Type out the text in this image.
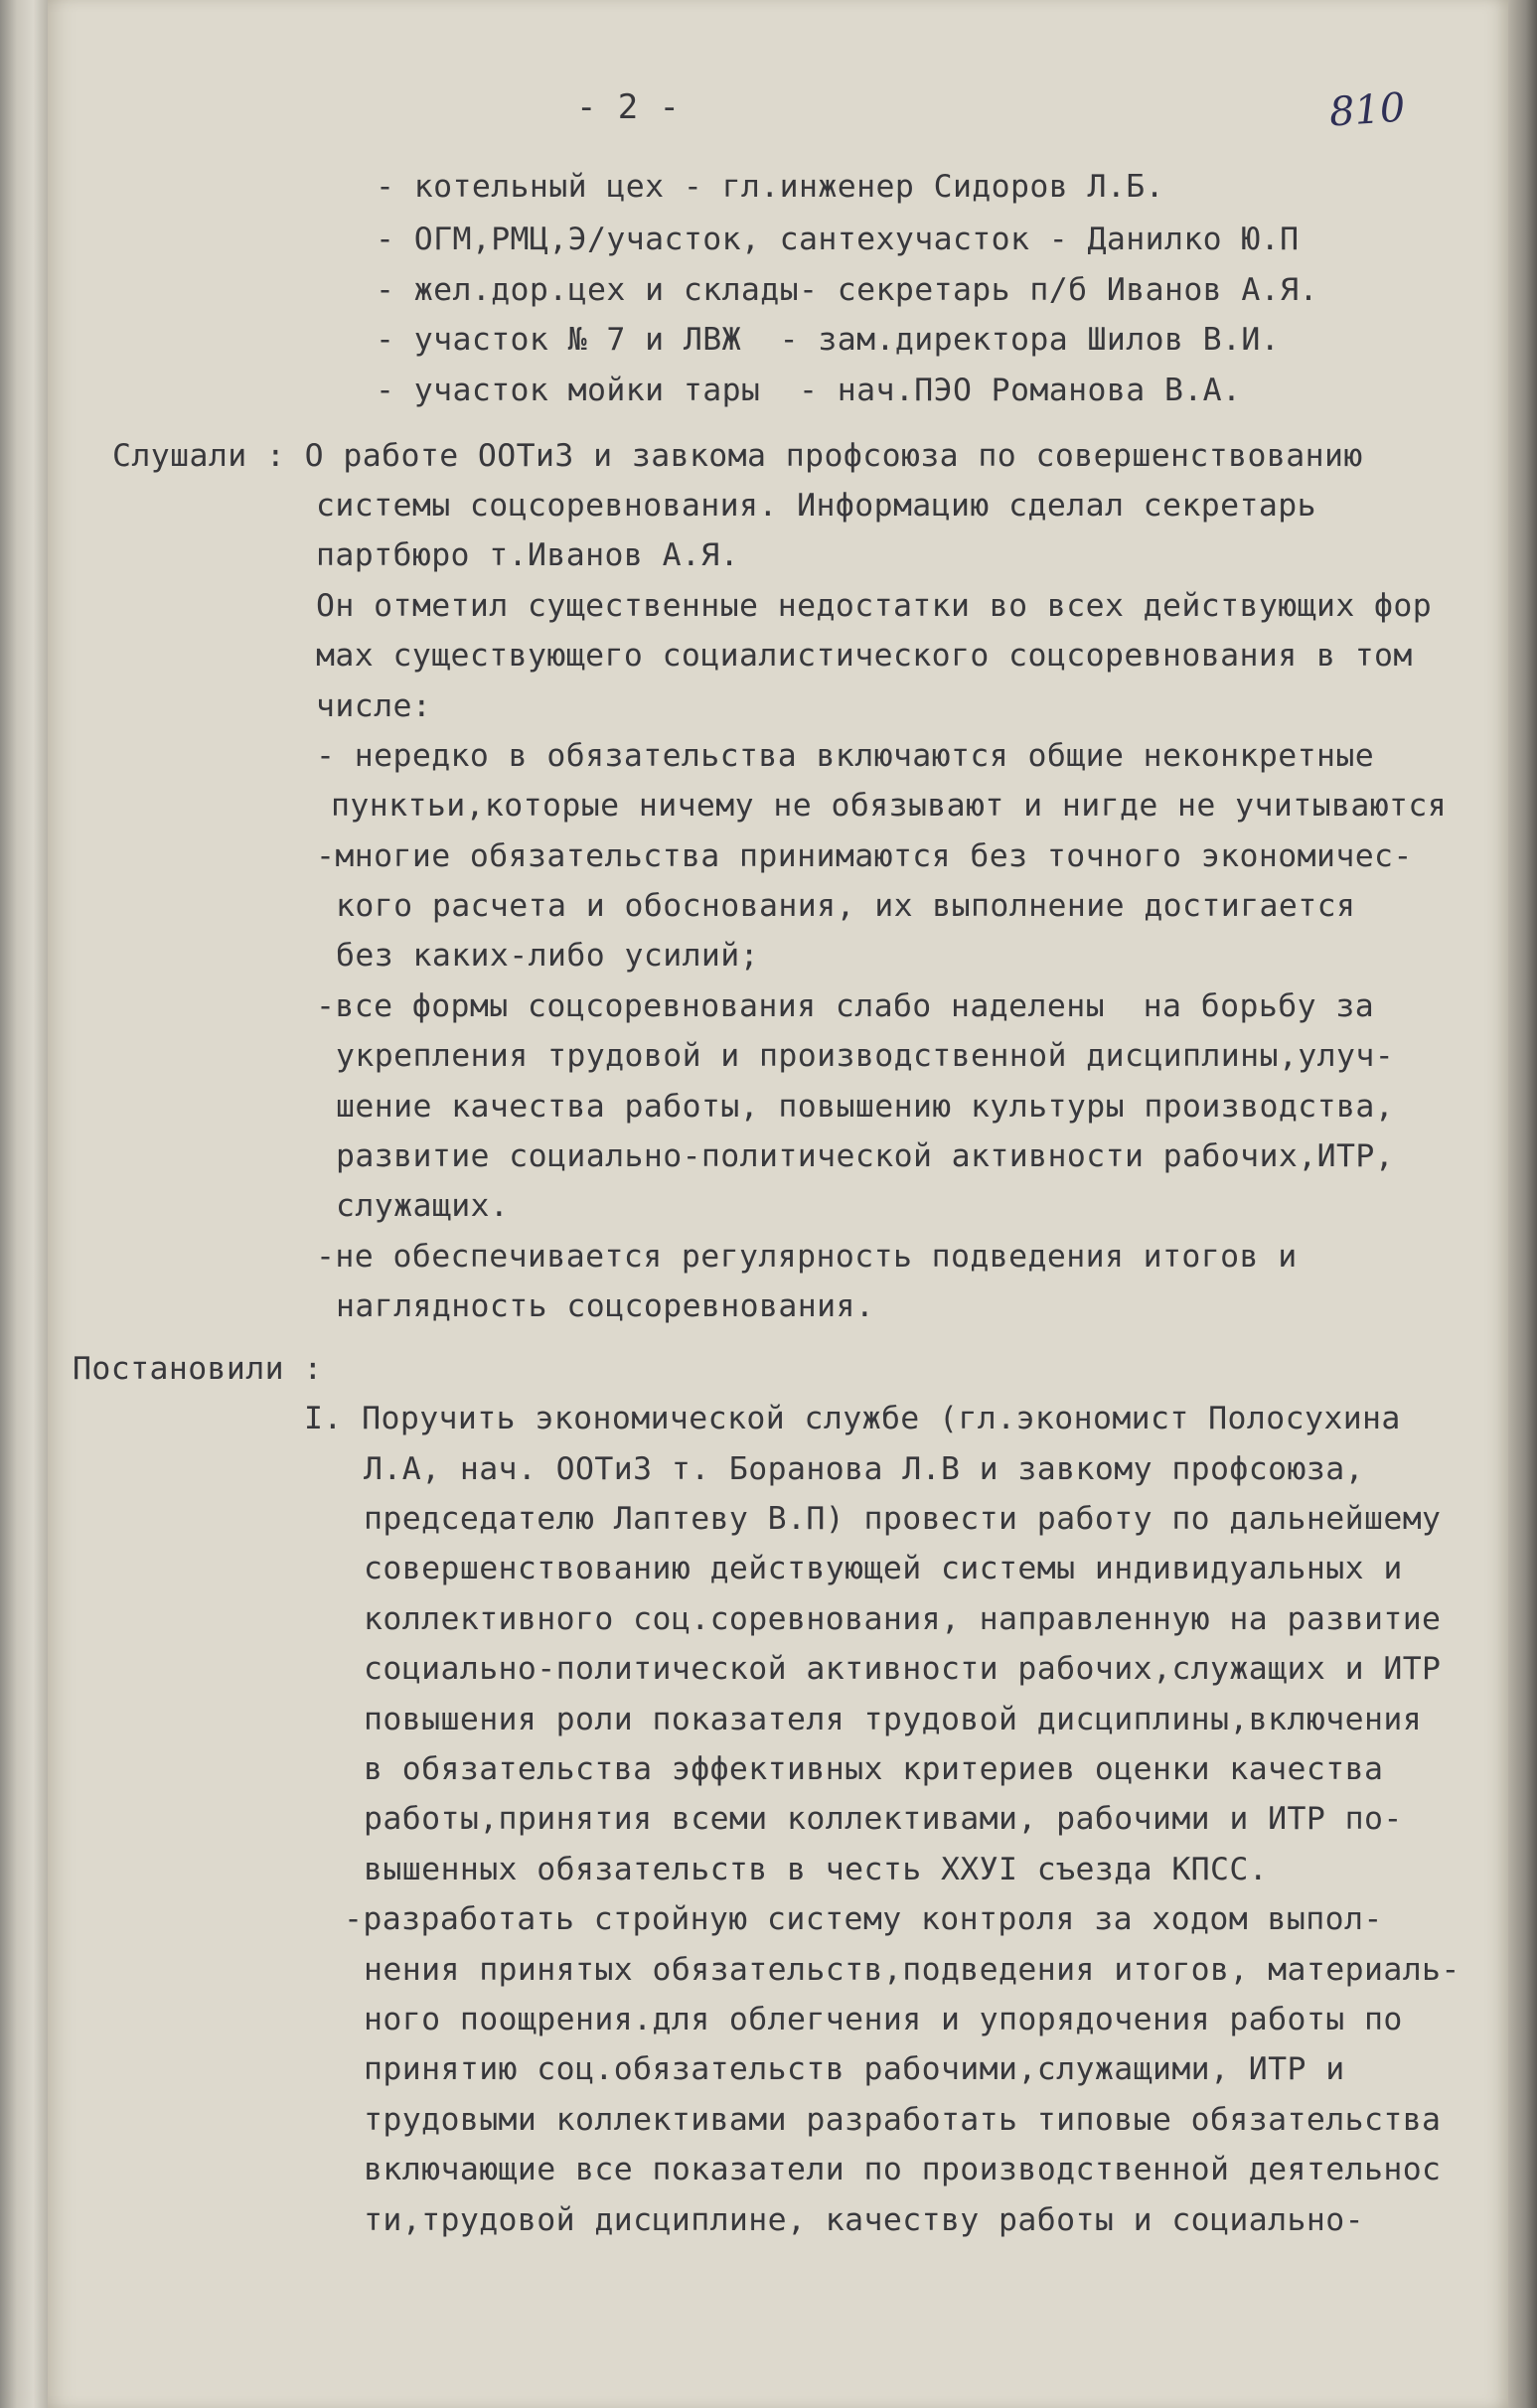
- 2 -	810
- котельный цех - гл.инженер Сидоров Л.Б.
- ОГМ,РМЦ,Э/участок, сантехучасток - Данилко Ю.П
- жел.дор.цех и склады- секретарь п/б Иванов А.Я.
- участок № 7 и ЛВЖ  - зам.директора Шилов В.И.
- участок мойки тары  - нач.ПЭО Романова В.А.
Слушали : О работе ООТиЗ и завкома профсоюза по совершенствованию
системы соцсоревнования. Информацию сделал секретарь
партбюро т.Иванов А.Я.
Он отметил существенные недостатки во всех действующих фор
мах существующего социалистического соцсоревнования в том
числе:
- нередко в обязательства включаются общие неконкретные
пунктьи,которые ничему не обязывают и нигде не учитываются
-многие обязательства принимаются без точного экономичес-
кого расчета и обоснования, их выполнение достигается
без каких-либо усилий;
-все формы соцсоревнования слабо наделены  на борьбу за
укрепления трудовой и производственной дисциплины,улуч-
шение качества работы, повышению культуры производства,
развитие социально-политической активности рабочих,ИТР,
служащих.
-не обеспечивается регулярность подведения итогов и
наглядность соцсоревнования.
Постановили :
I. Поручить экономической службе (гл.экономист Полосухина
Л.А, нач. ООТиЗ т. Боранова Л.В и завкому профсоюза,
председателю Лаптеву В.П) провести работу по дальнейшему
совершенствованию действующей системы индивидуальных и
коллективного соц.соревнования, направленную на развитие
социально-политической активности рабочих,служащих и ИТР
повышения роли показателя трудовой дисциплины,включения
в обязательства эффективных критериев оценки качества
работы,принятия всеми коллективами, рабочими и ИТР по-
вышенных обязательств в честь ХХУI съезда КПСС.
-разработать стройную систему контроля за ходом выпол-
нения принятых обязательств,подведения итогов, материаль-
ного поощрения.для облегчения и упорядочения работы по
принятию соц.обязательств рабочими,служащими, ИТР и
трудовыми коллективами разработать типовые обязательства
включающие все показатели по производственной деятельнос
ти,трудовой дисциплине, качеству работы и социально-
